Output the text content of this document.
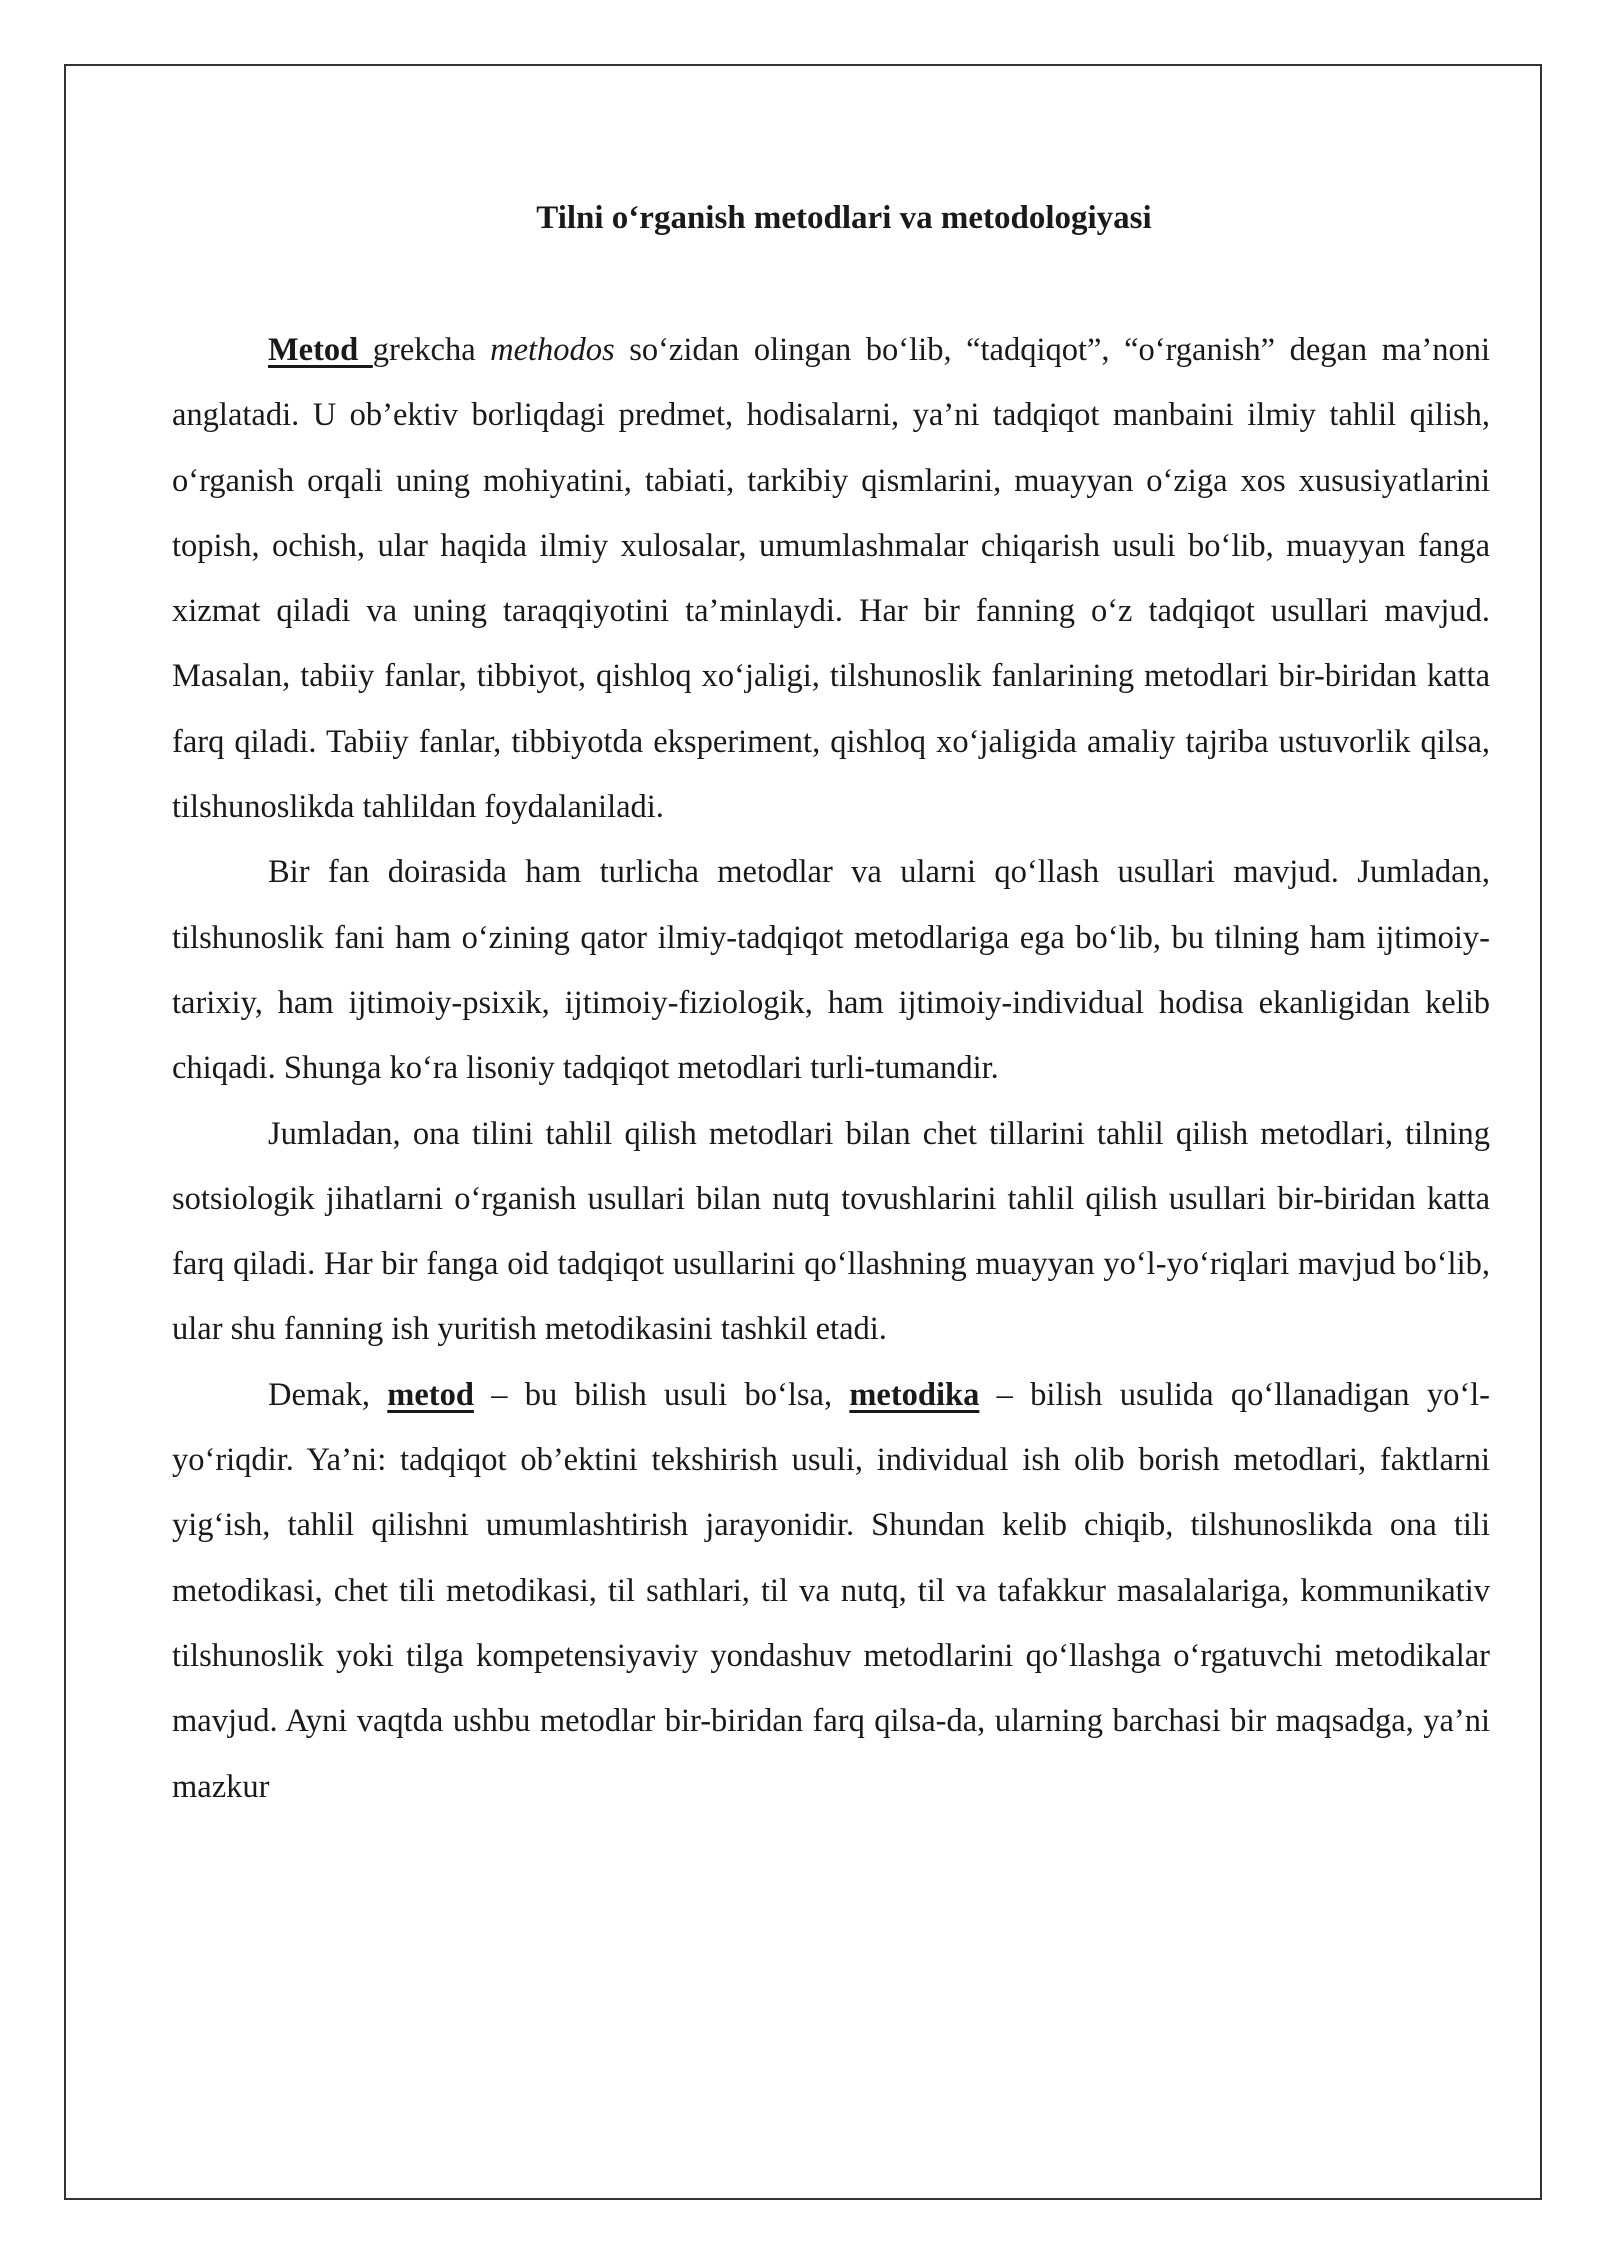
Tilni o‘rganish metodlari va metodologiyasi

Metod grekcha methodos so‘zidan olingan bo‘lib, “tadqiqot”, “o‘rganish” degan ma’noni anglatadi. U ob’ektiv borliqdagi predmet, hodisalarni, ya’ni tadqiqot manbaini ilmiy tahlil qilish, o‘rganish orqali uning mohiyatini, tabiati, tarkibiy qismlarini, muayyan o‘ziga xos xususiyatlarini topish, ochish, ular haqida ilmiy xulosalar, umumlashmalar chiqarish usuli bo‘lib, muayyan fanga xizmat qiladi va uning taraqqiyotini ta’minlaydi. Har bir fanning o‘z tadqiqot usullari mavjud. Masalan, tabiiy fanlar, tibbiyot, qishloq xo‘jaligi, tilshunoslik fanlarining metodlari bir-biridan katta farq qiladi. Tabiiy fanlar, tibbiyotda eksperiment, qishloq xo‘jaligida amaliy tajriba ustuvorlik qilsa, tilshunoslikda tahlildan foydalaniladi.

Bir fan doirasida ham turlicha metodlar va ularni qo‘llash usullari mavjud. Jumladan, tilshunoslik fani ham o‘zining qator ilmiy-tadqiqot metodlariga ega bo‘lib, bu tilning ham ijtimoiy-tarixiy, ham ijtimoiy-psixik, ijtimoiy-fiziologik, ham ijtimoiy-individual hodisa ekanligidan kelib chiqadi. Shunga ko‘ra lisoniy tadqiqot metodlari turli-tumandir.

Jumladan, ona tilini tahlil qilish metodlari bilan chet tillarini tahlil qilish metodlari, tilning sotsiologik jihatlarni o‘rganish usullari bilan nutq tovushlarini tahlil qilish usullari bir-biridan katta farq qiladi. Har bir fanga oid tadqiqot usullarini qo‘llashning muayyan yo‘l-yo‘riqlari mavjud bo‘lib, ular shu fanning ish yuritish metodikasini tashkil etadi.

Demak, metod – bu bilish usuli bo‘lsa, metodika – bilish usulida qo‘llanadigan yo‘l-yo‘riqdir. Ya’ni: tadqiqot ob’ektini tekshirish usuli, individual ish olib borish metodlari, faktlarni yig‘ish, tahlil qilishni umumlashtirish jarayonidir. Shundan kelib chiqib, tilshunoslikda ona tili metodikasi, chet tili metodikasi, til sathlari, til va nutq, til va tafakkur masalalariga, kommunikativ tilshunoslik yoki tilga kompetensiyaviy yondashuv metodlarini qo‘llashga o‘rgatuvchi metodikalar mavjud. Ayni vaqtda ushbu metodlar bir-biridan farq qilsa-da, ularning barchasi bir maqsadga, ya’ni mazkur
